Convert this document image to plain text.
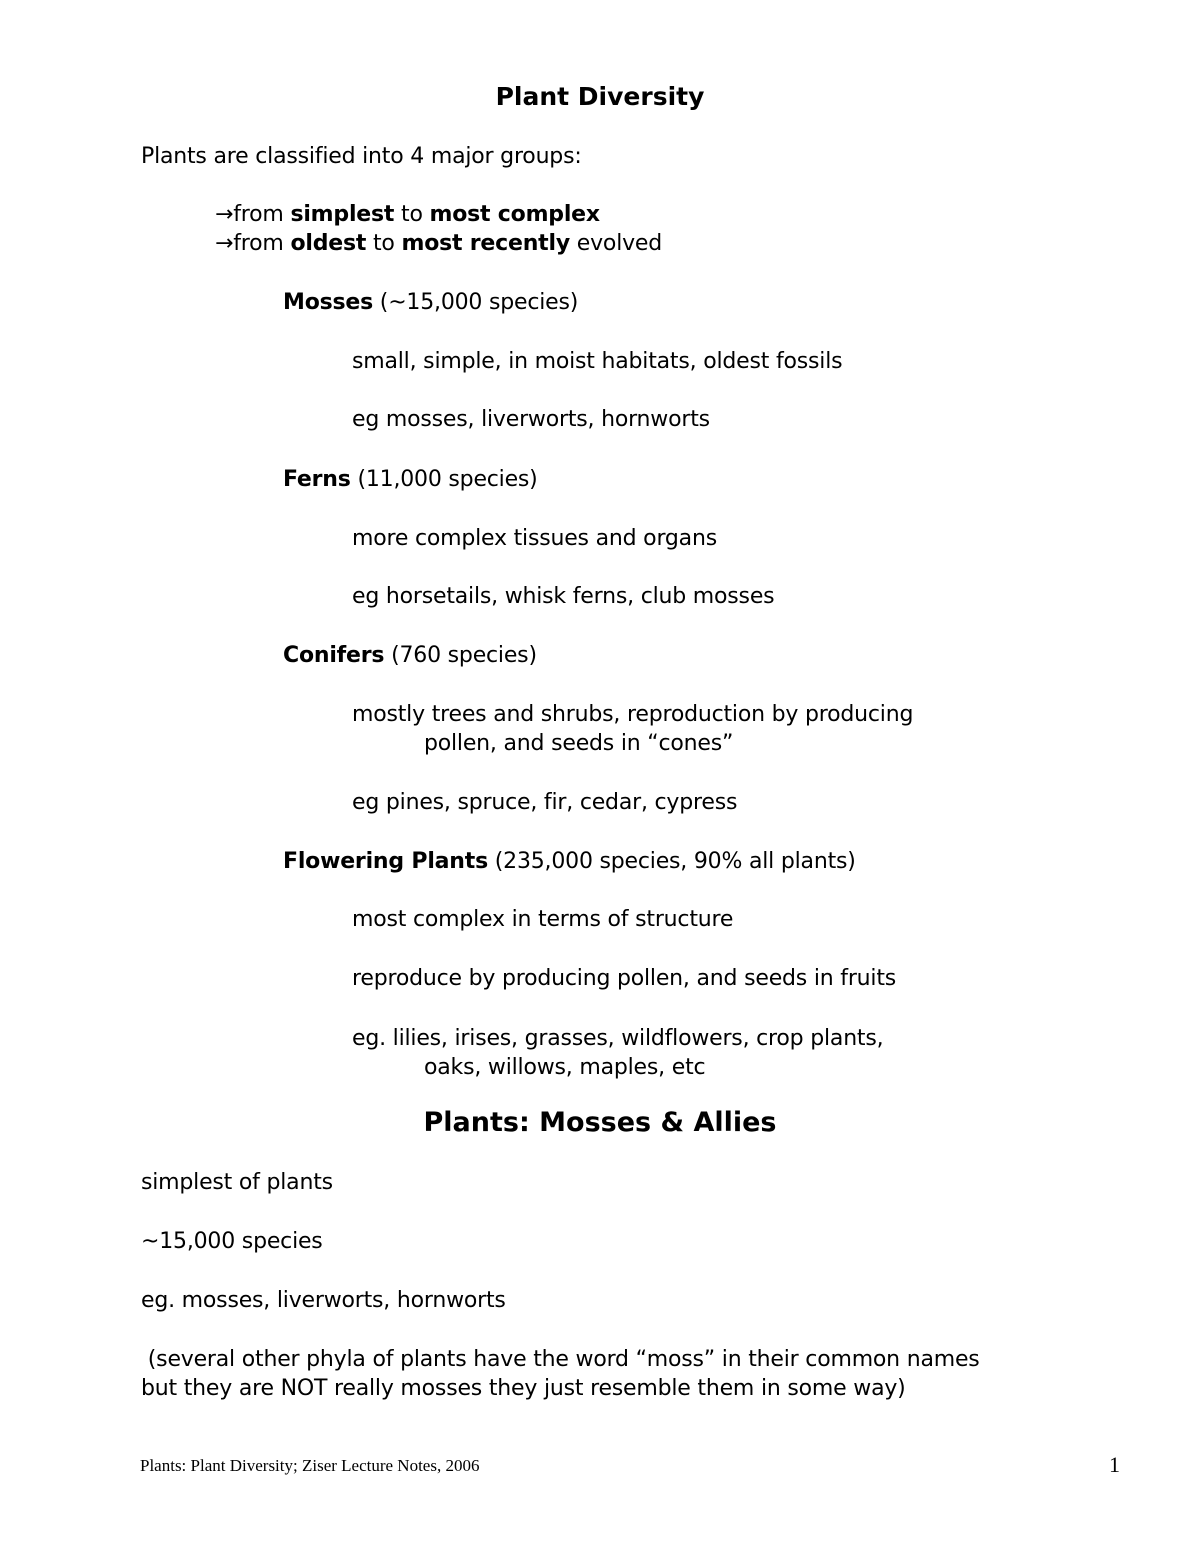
Plant Diversity
Plants are classified into 4 major groups:
→from simplest to most complex
→from oldest to most recently evolved
Mosses (~15,000 species)
small, simple, in moist habitats, oldest fossils
eg mosses, liverworts, hornworts
Ferns (11,000 species)
more complex tissues and organs
eg horsetails, whisk ferns, club mosses
Conifers (760 species)
mostly trees and shrubs, reproduction by producing
pollen, and seeds in “cones”
eg pines, spruce, fir, cedar, cypress
Flowering Plants (235,000 species, 90% all plants)
most complex in terms of structure
reproduce by producing pollen, and seeds in fruits
eg. lilies, irises, grasses, wildflowers, crop plants,
oaks, willows, maples, etc
Plants: Mosses & Allies
simplest of plants
~15,000 species
eg. mosses, liverworts, hornworts
(several other phyla of plants have the word “moss” in their common names
but they are NOT really mosses they just resemble them in some way)
Plants: Plant Diversity; Ziser Lecture Notes, 2006	1
